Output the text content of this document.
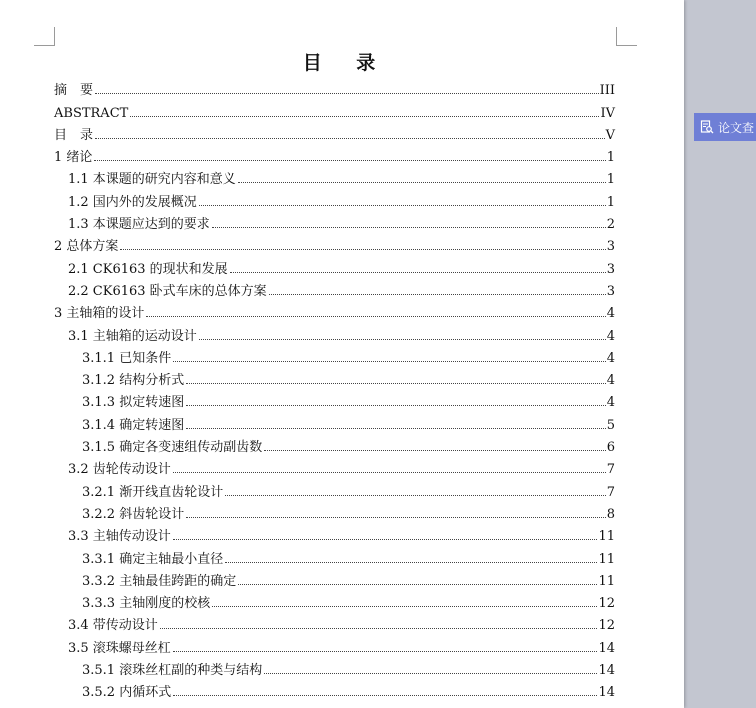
目 录
摘　要	III
ABSTRACT	IV
目　录	V
1 绪论	1
1.1 本课题的研究内容和意义	1
1.2 国内外的发展概况	1
1.3 本课题应达到的要求	2
2 总体方案	3
2.1 CK6163 的现状和发展	3
2.2 CK6163 卧式车床的总体方案	3
3 主轴箱的设计	4
3.1 主轴箱的运动设计	4
3.1.1 已知条件	4
3.1.2 结构分析式	4
3.1.3 拟定转速图	4
3.1.4 确定转速图	5
3.1.5 确定各变速组传动副齿数	6
3.2 齿轮传动设计	7
3.2.1 渐开线直齿轮设计	7
3.2.2 斜齿轮设计	8
3.3 主轴传动设计	11
3.3.1 确定主轴最小直径	11
3.3.2 主轴最佳跨距的确定	11
3.3.3 主轴刚度的校核	12
3.4 带传动设计	12
3.5 滚珠螺母丝杠	14
3.5.1 滚珠丝杠副的种类与结构	14
3.5.2 内循环式	14
论文查
